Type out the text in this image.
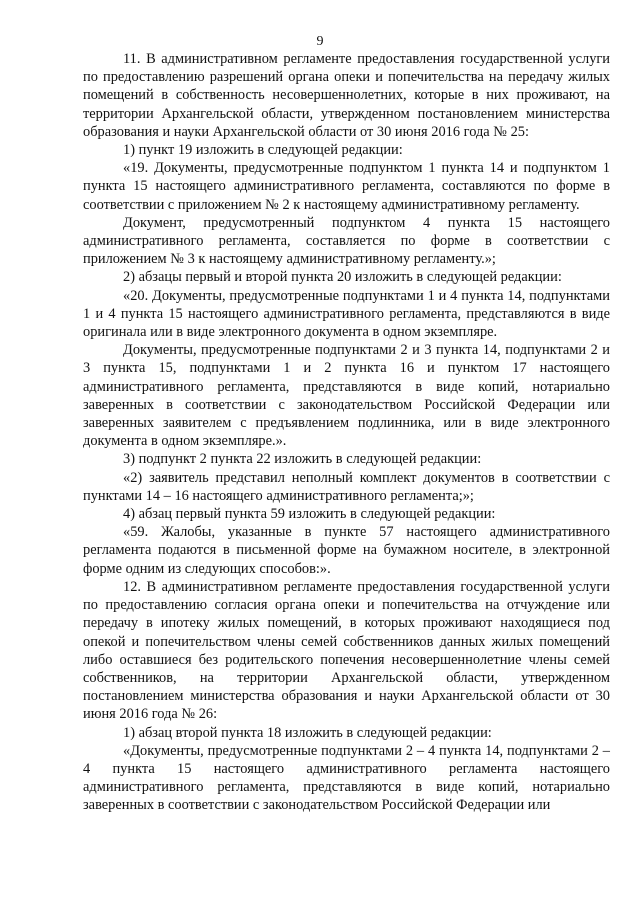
9

11. В административном регламенте предоставления государственной услуги по предоставлению разрешений органа опеки и попечительства на передачу жилых помещений в собственность несовершеннолетних, которые в них проживают, на территории Архангельской области, утвержденном постановлением министерства образования и науки Архангельской области от 30 июня 2016 года № 25:

1) пункт 19 изложить в следующей редакции:

«19. Документы, предусмотренные подпунктом 1 пункта 14 и подпунктом 1 пункта 15 настоящего административного регламента, составляются по форме в соответствии с приложением № 2 к настоящему административному регламенту.

Документ, предусмотренный подпунктом 4 пункта 15 настоящего административного регламента, составляется по форме в соответствии с приложением № 3 к настоящему административному регламенту.»;

2) абзацы первый и второй пункта 20 изложить в следующей редакции:

«20. Документы, предусмотренные подпунктами 1 и 4 пункта 14, подпунктами 1 и 4 пункта 15 настоящего административного регламента, представляются в виде оригинала или в виде электронного документа в одном экземпляре.

Документы, предусмотренные подпунктами 2 и 3 пункта 14, подпунктами 2 и 3 пункта 15, подпунктами 1 и 2 пункта 16 и пунктом 17 настоящего административного регламента, представляются в виде копий, нотариально заверенных в соответствии с законодательством Российской Федерации или заверенных заявителем с предъявлением подлинника, или в виде электронного документа в одном экземпляре.».

3) подпункт 2 пункта 22 изложить в следующей редакции:

«2) заявитель представил неполный комплект документов в соответствии с пунктами 14 – 16 настоящего административного регламента;»;

4) абзац первый пункта 59 изложить в следующей редакции:

«59. Жалобы, указанные в пункте 57 настоящего административного регламента подаются в письменной форме на бумажном носителе, в электронной форме одним из следующих способов:».

12. В административном регламенте предоставления государственной услуги по предоставлению согласия органа опеки и попечительства на отчуждение или передачу в ипотеку жилых помещений, в которых проживают находящиеся под опекой и попечительством члены семей собственников данных жилых помещений либо оставшиеся без родительского попечения несовершеннолетние члены семей собственников, на территории Архангельской области, утвержденном постановлением министерства образования и науки Архангельской области от 30 июня 2016 года № 26:

1) абзац второй пункта 18 изложить в следующей редакции:

«Документы, предусмотренные подпунктами 2 – 4 пункта 14, подпунктами 2 – 4 пункта 15 настоящего административного регламента настоящего административного регламента, представляются в виде копий, нотариально заверенных в соответствии с законодательством Российской Федерации или
